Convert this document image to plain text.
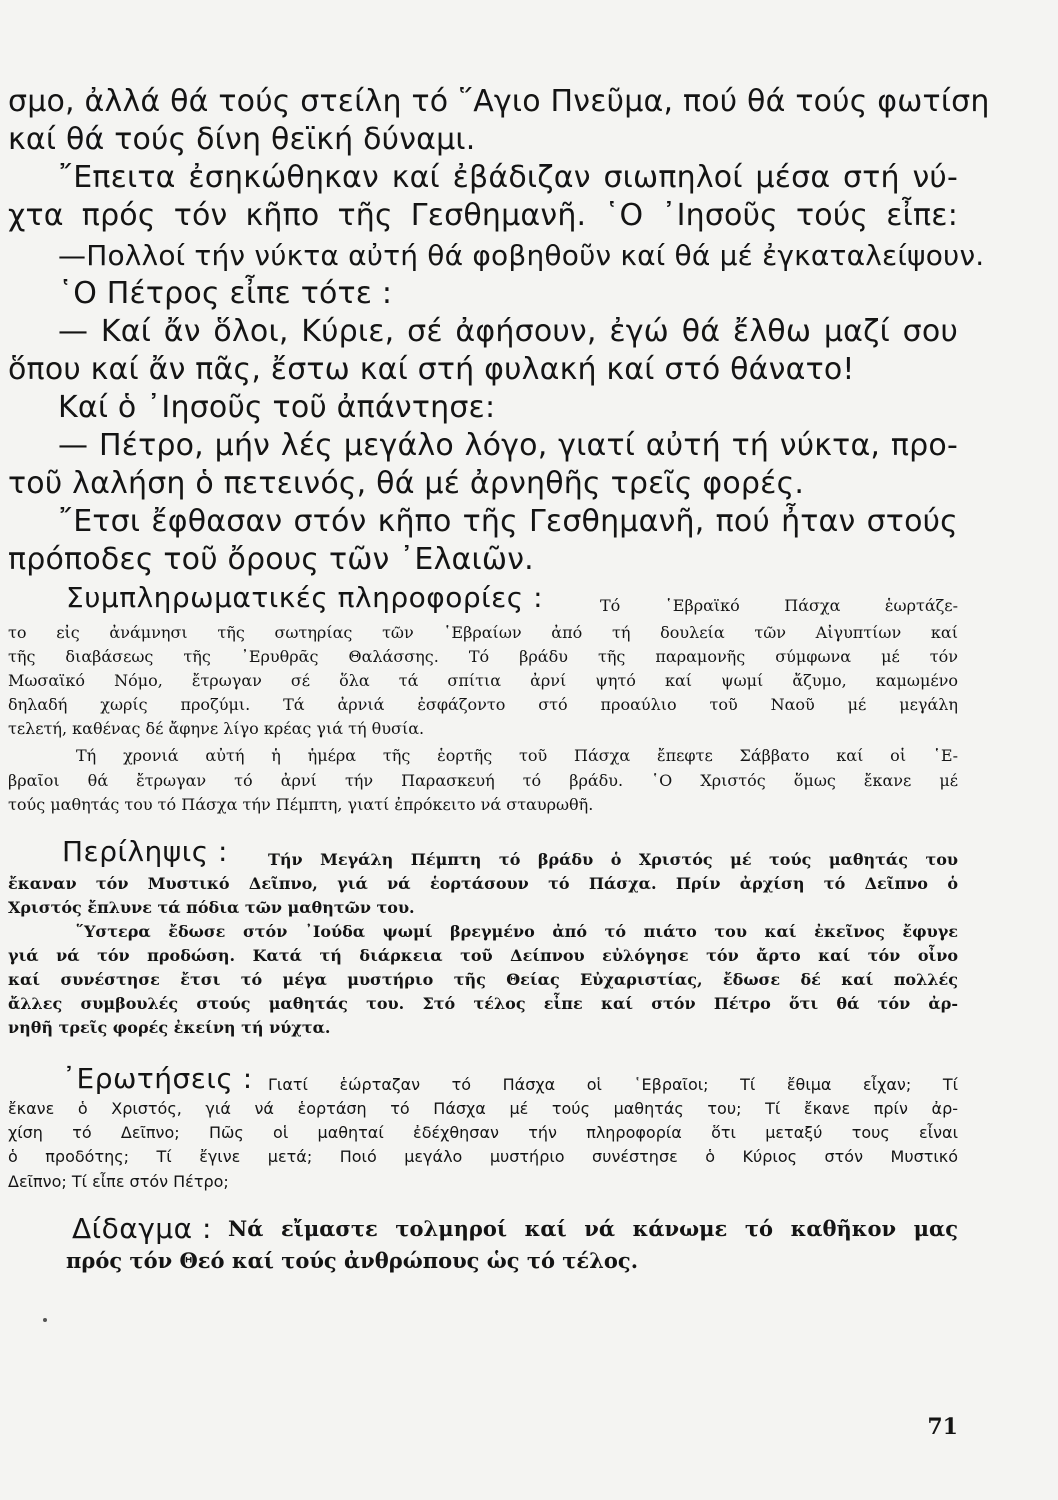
σμο, ἀλλά θά τούς στείλη τό ῞Αγιο Πνεῦμα, πού θά τούς φωτίση

καί θά τούς δίνη θεϊκή δύναμι.

῎Επειτα ἐσηκώθηκαν καί ἐβάδιζαν σιωπηλοί μέσα στή νύ-

χτα πρός τόν κῆπο τῆς Γεσθημανῆ. ῾Ο ᾿Ιησοῦς τούς εἶπε:

—Πολλοί τήν νύκτα αὐτή θά φοβηθοῦν καί θά μέ ἐγκαταλείψουν.

῾Ο Πέτρος εἶπε τότε :

— Καί ἄν ὅλοι, Κύριε, σέ ἀφήσουν, ἐγώ θά ἔλθω μαζί σου

ὅπου καί ἄν πᾶς, ἔστω καί στή φυλακή καί στό θάνατο!

Καί ὁ ᾿Ιησοῦς τοῦ ἀπάντησε:

— Πέτρο, μήν λές μεγάλο λόγο, γιατί αὐτή τή νύκτα, προ-

τοῦ λαλήση ὁ πετεινός, θά μέ ἀρνηθῆς τρεῖς φορές.

῎Ετσι ἔφθασαν στόν κῆπο τῆς Γεσθημανῆ, πού ἦταν στούς

πρόποδες τοῦ ὄρους τῶν ᾿Ελαιῶν.

Συμπληρωματικές πληροφορίες :	Τό ῾Εβραϊκό Πάσχα ἑωρτάζε-

το εἰς ἀνάμνησι τῆς σωτηρίας τῶν ῾Εβραίων ἀπό τή δουλεία τῶν Αἰγυπτίων καί

τῆς διαβάσεως τῆς ᾿Ερυθρᾶς Θαλάσσης. Τό βράδυ τῆς παραμονῆς σύμφωνα μέ τόν

Μωσαϊκό Νόμο, ἔτρωγαν σέ ὅλα τά σπίτια ἀρνί ψητό καί ψωμί ἄζυμο, καμωμένο

δηλαδή χωρίς προζύμι. Τά ἀρνιά ἐσφάζοντο στό προαύλιο τοῦ Ναοῦ μέ μεγάλη

τελετή, καθένας δέ ἄφηνε λίγο κρέας γιά τή θυσία.

Τή χρονιά αὐτή ἡ ἡμέρα τῆς ἑορτῆς τοῦ Πάσχα ἔπεφτε Σάββατο καί οἱ ῾Ε-

βραῖοι θά ἔτρωγαν τό ἀρνί τήν Παρασκευή τό βράδυ. ῾Ο Χριστός ὅμως ἔκανε μέ

τούς μαθητάς του τό Πάσχα τήν Πέμπτη, γιατί ἐπρόκειτο νά σταυρωθῆ.

Περίληψις :	Τήν Μεγάλη Πέμπτη τό βράδυ ὁ Χριστός μέ τούς μαθητάς του

ἔκαναν τόν Μυστικό Δεῖπνο, γιά νά ἑορτάσουν τό Πάσχα. Πρίν ἀρχίση τό Δεῖπνο ὁ

Χριστός ἔπλυνε τά πόδια τῶν μαθητῶν του.

῞Υστερα ἔδωσε στόν ᾿Ιούδα ψωμί βρεγμένο ἀπό τό πιάτο του καί ἐκεῖνος ἔφυγε

γιά νά τόν προδώση. Κατά τή διάρκεια τοῦ Δείπνου εὐλόγησε τόν ἄρτο καί τόν οἶνο

καί συνέστησε ἔτσι τό μέγα μυστήριο τῆς Θείας Εὐχαριστίας, ἔδωσε δέ καί πολλές

ἄλλες συμβουλές στούς μαθητάς του. Στό τέλος εἶπε καί στόν Πέτρο ὅτι θά τόν ἀρ-

νηθῆ τρεῖς φορές ἐκείνη τή νύχτα.

᾿Ερωτήσεις : Γιατί ἑώρταζαν τό Πάσχα οἱ ῾Εβραῖοι; Τί ἔθιμα εἶχαν; Τί

ἔκανε ὁ Χριστός, γιά νά ἑορτάση τό Πάσχα μέ τούς μαθητάς του; Τί ἔκανε πρίν ἀρ-

χίση τό Δεῖπνο; Πῶς οἱ μαθηταί ἐδέχθησαν τήν πληροφορία ὅτι μεταξύ τους εἶναι

ὁ προδότης; Τί ἔγινε μετά; Ποιό μεγάλο μυστήριο συνέστησε ὁ Κύριος στόν Μυστικό

Δεῖπνο; Τί εἶπε στόν Πέτρο;

Δίδαγμα : Νά εἴμαστε τολμηροί καί νά κάνωμε τό καθῆκον μας

πρός τόν Θεό καί τούς ἀνθρώπους ὡς τό τέλος.

71
